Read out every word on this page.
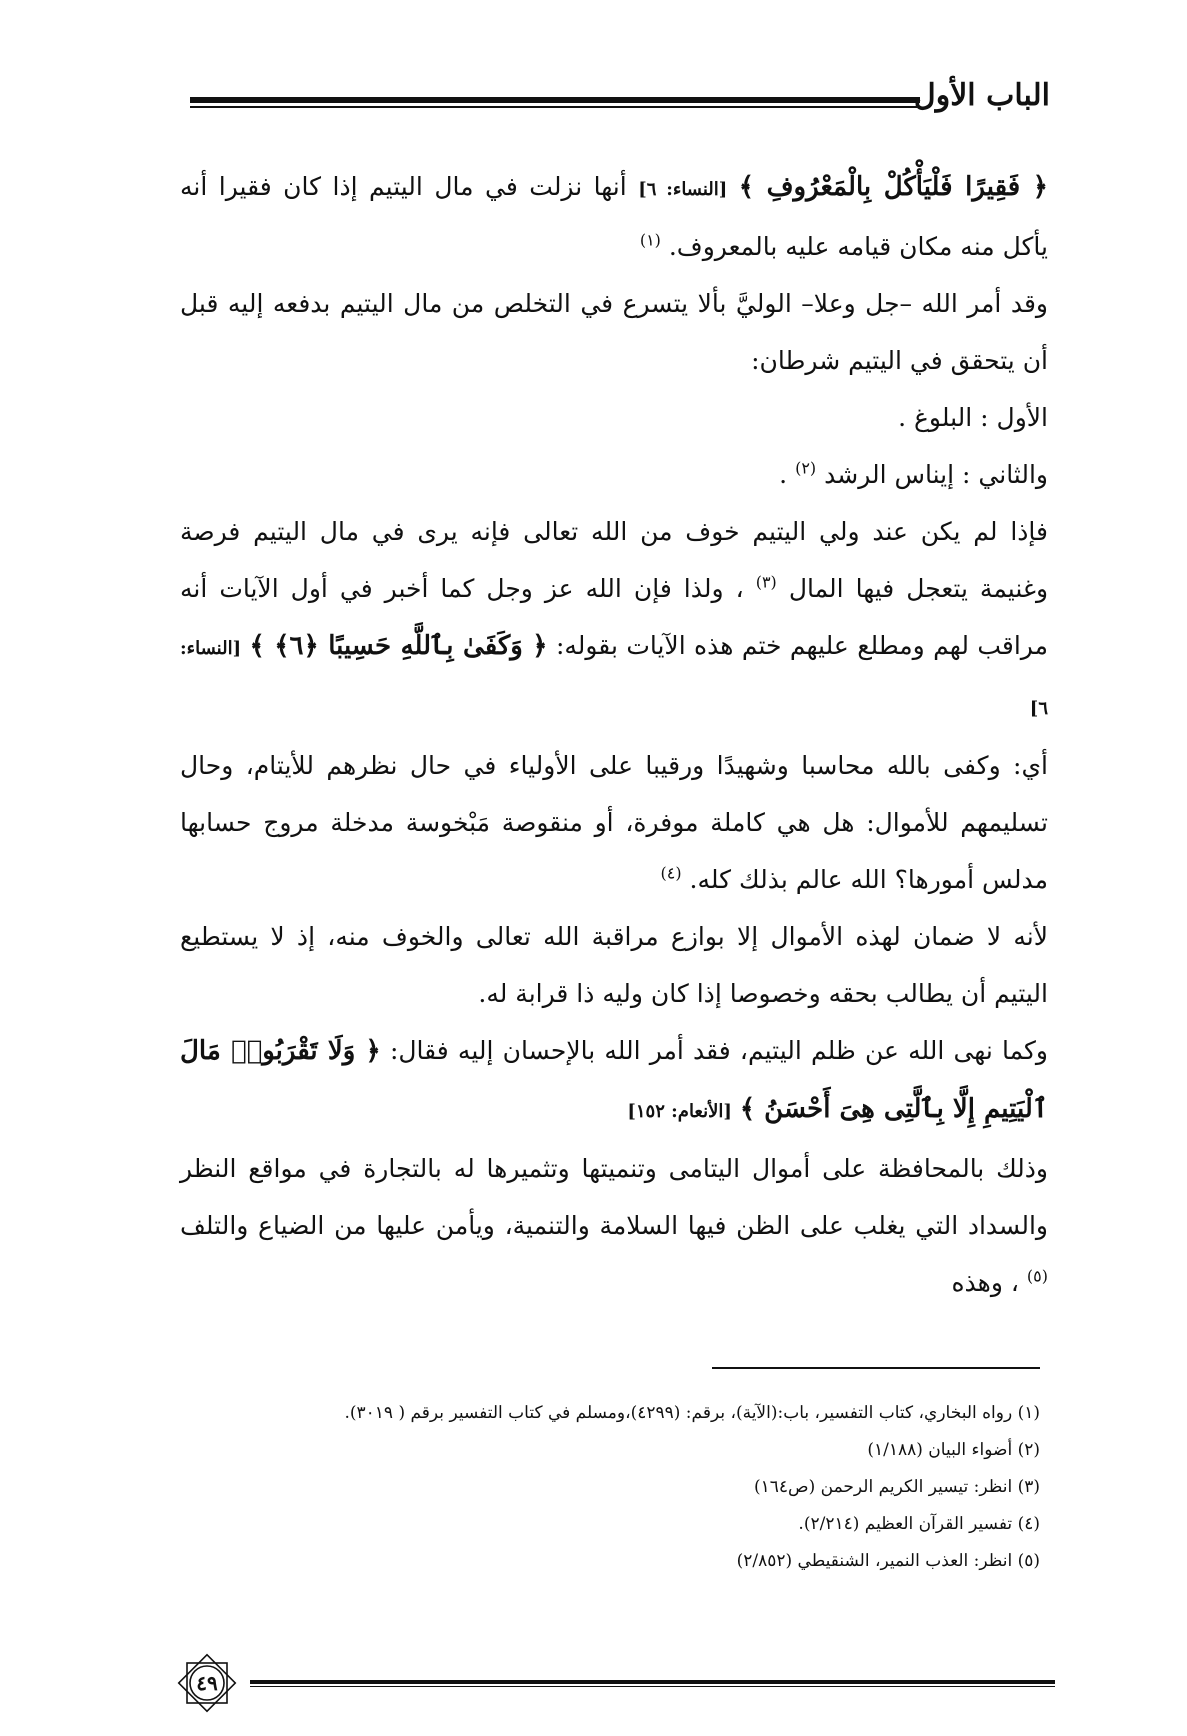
الباب الأول

﴿ فَقِيرًا فَلْيَأْكُلْ بِالْمَعْرُوفِ ﴾ [النساء: ٦] أنها نزلت في مال اليتيم إذا كان فقيرا أنه يأكل منه مكان قيامه عليه بالمعروف. $^{(١)}$

وقد أمر الله –جل وعلا– الوليَّ بألا يتسرع في التخلص من مال اليتيم بدفعه إليه قبل أن يتحقق في اليتيم شرطان:

الأول : البلوغ .

والثاني : إيناس الرشد $^{(٢)}$ .

فإذا لم يكن عند ولي اليتيم خوف من الله تعالى فإنه يرى في مال اليتيم فرصة وغنيمة يتعجل فيها المال $^{(٣)}$ ، ولذا فإن الله عز وجل كما أخبر في أول الآيات أنه مراقب لهم ومطلع عليهم ختم هذه الآيات بقوله: ﴿ وَكَفَىٰ بِٱللَّهِ حَسِيبًا ﴿٦﴾ ﴾ [النساء: ٦]

أي: وكفى بالله محاسبا وشهيدًا ورقيبا على الأولياء في حال نظرهم للأيتام، وحال تسليمهم للأموال: هل هي كاملة موفرة، أو منقوصة مَبْخوسة مدخلة مروج حسابها مدلس أمورها؟ الله عالم بذلك كله. $^{(٤)}$

لأنه لا ضمان لهذه الأموال إلا بوازع مراقبة الله تعالى والخوف منه، إذ لا يستطيع اليتيم أن يطالب بحقه وخصوصا إذا كان وليه ذا قرابة له.

وكما نهى الله عن ظلم اليتيم، فقد أمر الله بالإحسان إليه فقال: ﴿ وَلَا تَقْرَبُوا۟ مَالَ ٱلْيَتِيمِ إِلَّا بِٱلَّتِى هِىَ أَحْسَنُ ﴾ [الأنعام: ١٥٢]

وذلك بالمحافظة على أموال اليتامى وتنميتها وتثميرها له بالتجارة في مواقع النظر والسداد التي يغلب على الظن فيها السلامة والتنمية، ويأمن عليها من الضياع والتلف $^{(٥)}$ ، وهذه

(١) رواه البخاري، كتاب التفسير، باب:(الآية)، برقم: (٤٢٩٩)،ومسلم في كتاب التفسير برقم ( ٣٠١٩).

(٢) أضواء البيان (١/١٨٨)

(٣) انظر: تيسير الكريم الرحمن (ص١٦٤)

(٤) تفسير القرآن العظيم (٢/٢١٤).

(٥) انظر: العذب النمير، الشنقيطي (٢/٨٥٢)

٤٩
